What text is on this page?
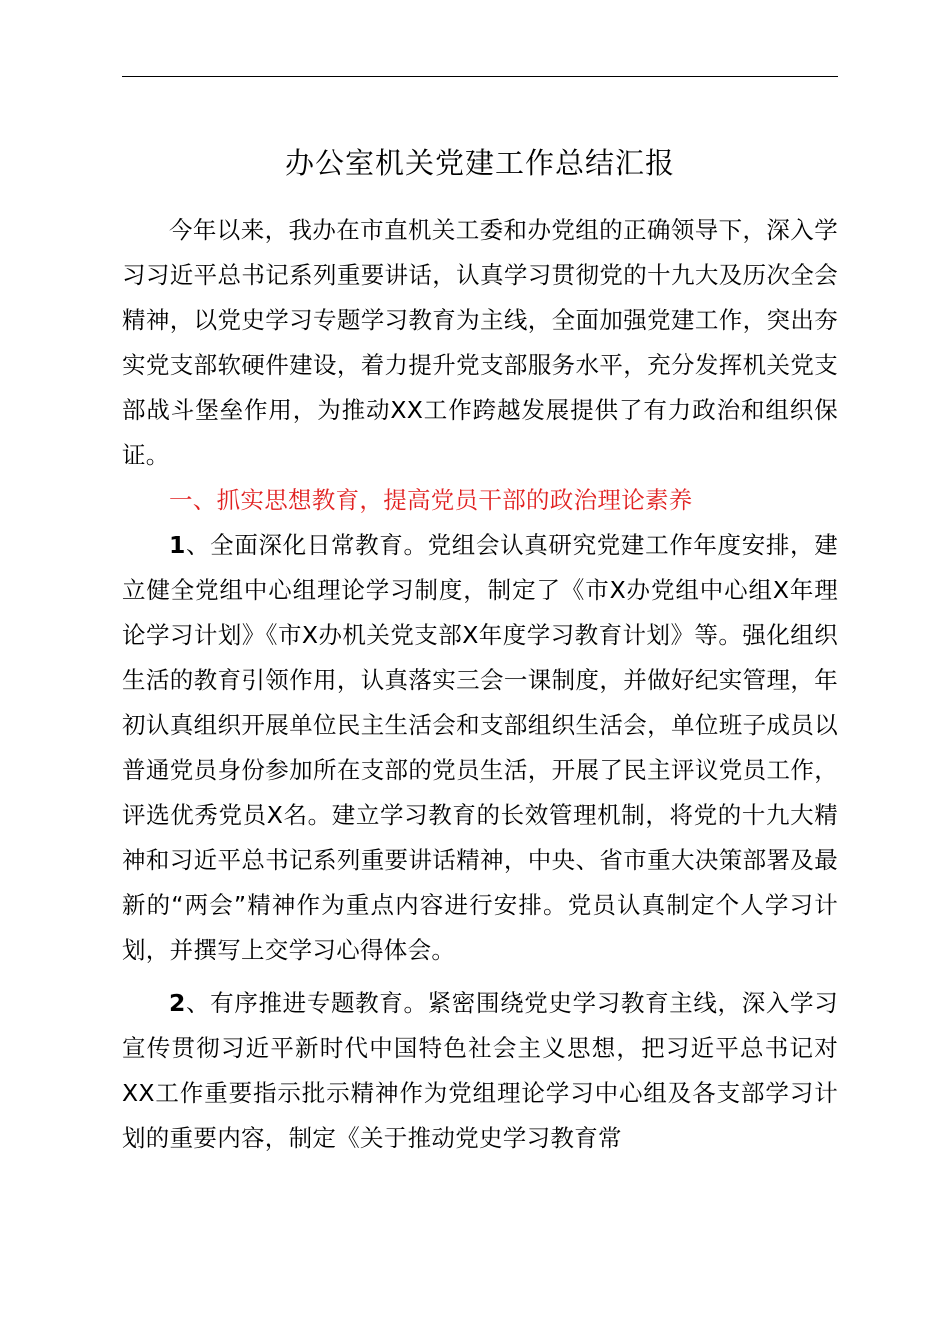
办公室机关党建工作总结汇报

今年以来，我办在市直机关工委和办党组的正确领导下，深入学习习近平总书记系列重要讲话，认真学习贯彻党的十九大及历次全会精神，以党史学习专题学习教育为主线，全面加强党建工作，突出夯实党支部软硬件建设，着力提升党支部服务水平，充分发挥机关党支部战斗堡垒作用，为推动XX工作跨越发展提供了有力政治和组织保证。

一、抓实思想教育，提高党员干部的政治理论素养

1、全面深化日常教育。党组会认真研究党建工作年度安排，建立健全党组中心组理论学习制度，制定了《市X办党组中心组X年理论学习计划》《市X办机关党支部X年度学习教育计划》等。强化组织生活的教育引领作用，认真落实三会一课制度，并做好纪实管理，年初认真组织开展单位民主生活会和支部组织生活会，单位班子成员以普通党员身份参加所在支部的党员生活，开展了民主评议党员工作，评选优秀党员X名。建立学习教育的长效管理机制，将党的十九大精神和习近平总书记系列重要讲话精神，中央、省市重大决策部署及最新的“两会”精神作为重点内容进行安排。党员认真制定个人学习计划，并撰写上交学习心得体会。

2、有序推进专题教育。紧密围绕党史学习教育主线，深入学习宣传贯彻习近平新时代中国特色社会主义思想，把习近平总书记对XX工作重要指示批示精神作为党组理论学习中心组及各支部学习计划的重要内容，制定《关于推动党史学习教育常
